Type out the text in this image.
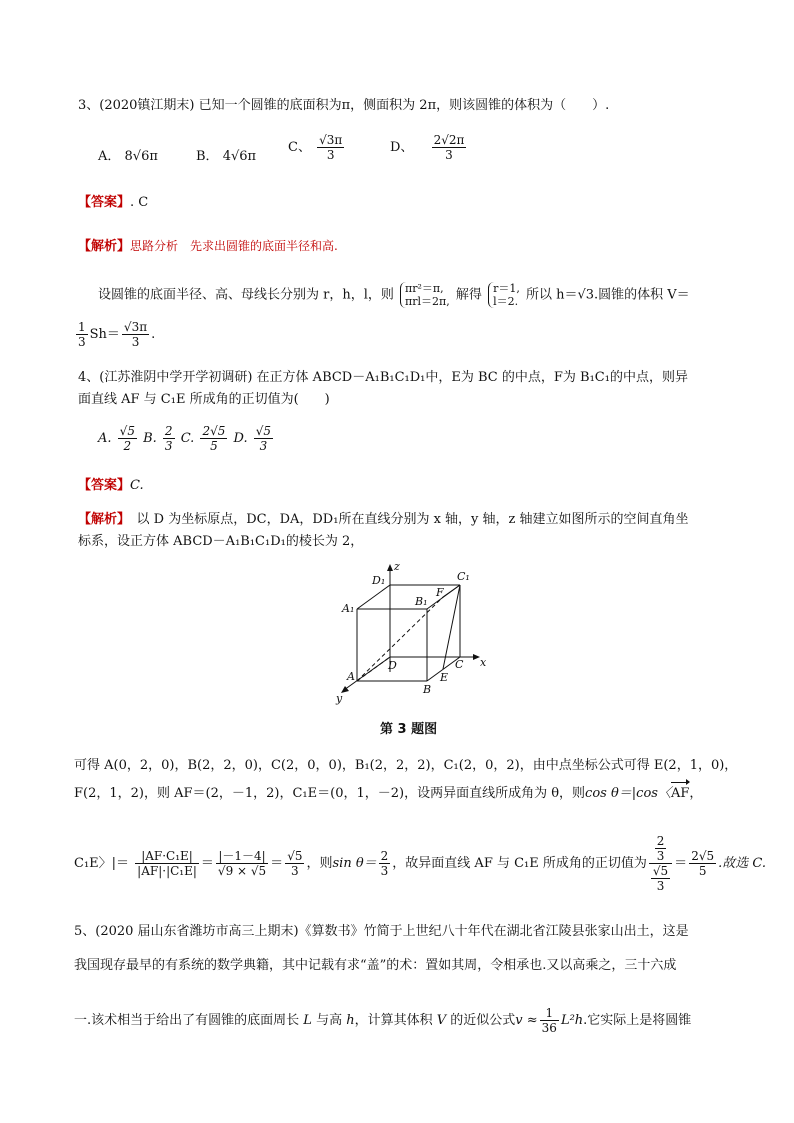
3、(2020镇江期末) 已知一个圆锥的底面积为π，侧面积为 2π，则该圆锥的体积为（　　）.
A． 8√6π	B． 4√6π
C、 $\frac{√3\pi}{3}$	D、 $\frac{2√2\pi}{3}$
【答案】. C
【解析】思路分析　先求出圆锥的底面半径和高.
设圆锥的底面半径、高、母线长分别为 r，h，l，则 πr²＝π,
πrl＝2π, 解得 r＝1,
l＝2. 所以 h＝√3.圆锥的体积 V＝
$\frac{1}{3} Sh= \frac{√3\pi}{3}$ .
4、(江苏淮阴中学开学初调研) 在正方体 ABCD－A₁B₁C₁D₁中，E为 BC 的中点，F为 B₁C₁的中点，则异
面直线 AF 与 C₁E 所成角的正切值为(　　)
A. $\frac{√5}{2} B$. $\frac{2}{3} C$. $\frac{2√5}{5} D$. $\frac{√5}{3}$
【答案】C.
【解析】　以 D 为坐标原点，DC，DA，DD₁所在直线分别为 x 轴，y 轴，z 轴建立如图所示的空间直角坐
标系，设正方体 ABCD－A₁B₁C₁D₁的棱长为 2，
z
x
y
D₁	C₁
A₁
B₁
F
D	C
A
B
E
第 3 题图
可得 A(0，2，0)，B(2，2，0)，C(2，0，0)，B₁(2，2，2)，C₁(2，0，2)，由中点坐标公式可得 E(2，1，0)，
F(2，1，2)，则 AF＝(2，－1，2)，C₁E＝(0，1，－2)，设两异面直线所成角为 θ，则cos θ＝|cos〈AF，
C₁E〉|＝ $\frac{\text{|AF·C₁E|}}{\text{|AF|·|C₁E|}} = \frac{|-1-4|}{√9 \times √5} = \frac{√5}{3}$ ，则$\sin \theta= \frac{2}{3}$ ，故异面直线 AF 与 C₁E 所成角的正切值为 $\frac{\frac{2}{3}}{\frac{√5}{3}} = \frac{2√5}{5}$ .故选 C.
5、(2020 届山东省潍坊市高三上期末)《算数书》竹简于上世纪八十年代在湖北省江陵县张家山出土，这是
我国现存最早的有系统的数学典籍，其中记载有求“盖”的术：置如其周，令相承也.又以高乘之，三十六成
一.该术相当于给出了有圆锥的底面周长 L 与高 h，计算其体积 V 的近似公式$v \approx \frac{1}{36} L^2h$.它实际上是将圆锥
